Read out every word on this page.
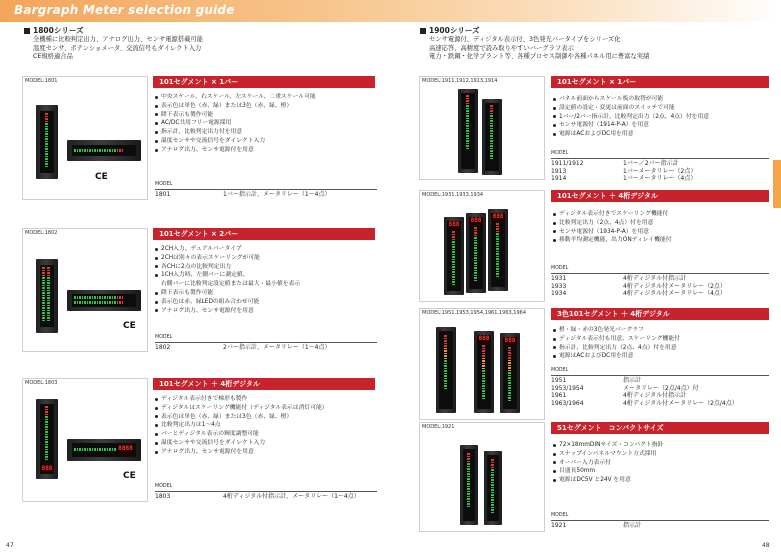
Bargraph Meter selection guide
1800シリーズ
全機種に比較判定出力、アナログ出力、センサ電源搭載可能
温度センサ、ポテンショメータ、交流信号もダイレクト入力
CE規格適合品
1900シリーズ
センサ電源付、ディジタル表示付、3色発光バータイプをシリーズ化
高速応答、高精度で読み取りやすいバーグラフ表示
電力・鉄鋼・化学プラント等、各種プロセス制御や各種パネル用に豊富な実績
MODEL:1801
CE
101セグメント × 1バー
中央スケール、右スケール、左スケール、二重スケール可能
表示色は単色（赤、緑）または3色（赤、緑、橙）
降下表示も製作可能
AC/DC共用フリー電源採用
指示計、比較判定出力付を用意
温度センサや交流信号をダイレクト入力
アナログ出力、センサ電源付を用意
MODEL
1801	1バー指示計、メータリレー（1～4点）
MODEL:1802
CE
101セグメント × 2バー
2CH入力、デュアルバータイプ
2CHは別々の表示スケーリングが可能
各CHに2点の比較判定出力
1CH入力時、左側バーに測定値、
右側バーに比較判定設定値または最大・最小値を表示
降下表示も製作可能
表示色は赤、緑LEDの組み合わせ可能
アナログ出力、センサ電源付を用意
MODEL
1802	2バー指示計、メータリレー（1～4点）
MODEL:1803
888
8888
CE
101セグメント ＋ 4桁デジタル
ディジタル表示付きで梯形も製作
ディジタルはスケーリング機能付（ディジタル表示は消灯可能）
表示色は単色（赤、緑）または3色（赤、緑、橙）
比較判定出力は1～4点
バーとディジタル表示の輝度調整可能
温度センサや交流信号をダイレクト入力
アナログ出力、センサ電源付を用意
MODEL
1803	4桁ディジタル付指示計、メータリレー（1～4点）
MODEL:1911,1912,1913,1914	101セグメント × 1バー
パネル前面からスケール板の取替が可能
設定値の設定・変更は前面のスイッチで可能
1バー/2バー指示計、比較判定出力（2点、4点）付を用意
センサ電源付（1914-P-A）を用意
電源はACおよびDC用を用意
MODEL
1911/1912	1バー／2バー指示計
1913	1バーメータリレー（2点）
1914	1バーメータリレー（4点）
MODEL:1931,1933,1934
888
888
888
101セグメント ＋ 4桁デジタル
ディジタル表示付きでスケーリング機能付
比較判定出力（2点、4点）付を用意
センサ電源付（1934-P-A）を用意
移動平均測定機能、出力ONディレイ機能付
MODEL
1931	4桁ディジタル付指示計
1933	4桁ディジタル付メータリレー（2点）
1934	4桁ディジタル付メータリレー（4点）
MODEL:1951,1953,1954,1961,1963,1964
888	888
3色101セグメント ＋ 4桁デジタル
橙・緑・赤の3色発光バーグラフ
ディジタル表示付も用意、スケーリング機能付
指示計、比較判定出力（2点、4点）付を用意
電源はACおよびDC用を用意
MODEL
1951	指示計
1953/1954	メータリレー（2点/4点）付
1961	4桁ディジタル付指示計
1963/1964	4桁ディジタル付メータリレー（2点/4点）
MODEL:1921	51セグメント　コンパクトサイズ
72×18mmDINサイズ・コンパクト指針
スナップインパネルマウント方式採用
オーバー入力表示付
目盛長50mm
電源はDC5V と24V を用意
MODEL
1921	指示計
47	48
